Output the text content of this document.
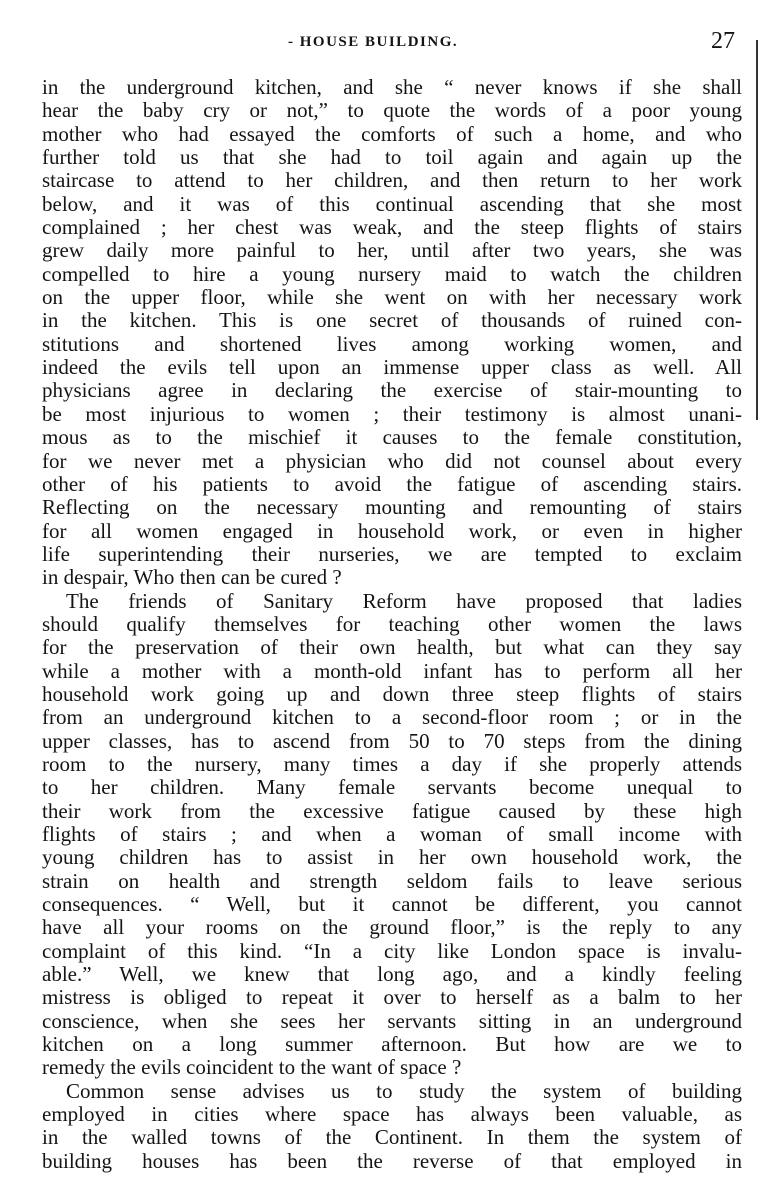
- HOUSE BUILDING.	27
in the underground kitchen, and she “ never knows if she shall
hear the baby cry or not,” to quote the words of a poor young
mother who had essayed the comforts of such a home, and who
further told us that she had to toil again and again up the
staircase to attend to her children, and then return to her work
below, and it was of this continual ascending that she most
complained ; her chest was weak, and the steep flights of stairs
grew daily more painful to her, until after two years, she was
compelled to hire a young nursery maid to watch the children
on the upper floor, while she went on with her necessary work
in the kitchen. This is one secret of thousands of ruined con-
stitutions and shortened lives among working women, and
indeed the evils tell upon an immense upper class as well. All
physicians agree in declaring the exercise of stair-mounting to
be most injurious to women ; their testimony is almost unani-
mous as to the mischief it causes to the female constitution,
for we never met a physician who did not counsel about every
other of his patients to avoid the fatigue of ascending stairs.
Reflecting on the necessary mounting and remounting of stairs
for all women engaged in household work, or even in higher
life superintending their nurseries, we are tempted to exclaim
in despair, Who then can be cured ?
The friends of Sanitary Reform have proposed that ladies
should qualify themselves for teaching other women the laws
for the preservation of their own health, but what can they say
while a mother with a month-old infant has to perform all her
household work going up and down three steep flights of stairs
from an underground kitchen to a second-floor room ; or in the
upper classes, has to ascend from 50 to 70 steps from the dining
room to the nursery, many times a day if she properly attends
to her children. Many female servants become unequal to
their work from the excessive fatigue caused by these high
flights of stairs ; and when a woman of small income with
young children has to assist in her own household work, the
strain on health and strength seldom fails to leave serious
consequences. “ Well, but it cannot be different, you cannot
have all your rooms on the ground floor,” is the reply to any
complaint of this kind. “In a city like London space is invalu-
able.” Well, we knew that long ago, and a kindly feeling
mistress is obliged to repeat it over to herself as a balm to her
conscience, when she sees her servants sitting in an underground
kitchen on a long summer afternoon. But how are we to
remedy the evils coincident to the want of space ?
Common sense advises us to study the system of building
employed in cities where space has always been valuable, as
in the walled towns of the Continent. In them the system of
building houses has been the reverse of that employed in
